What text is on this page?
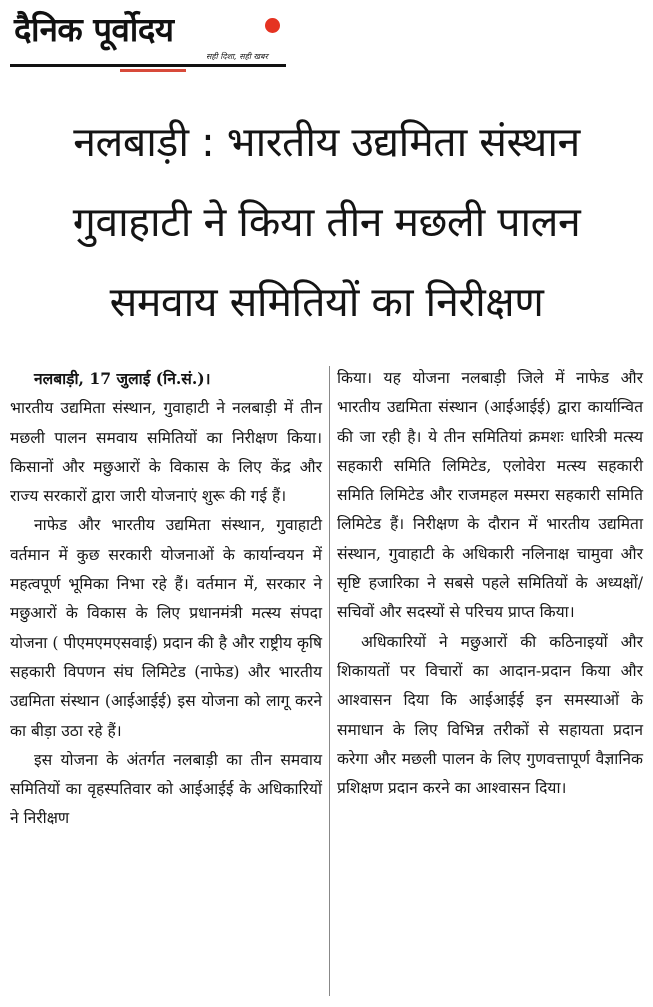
दैनिक पूर्वोदय
सही दिशा, सही खबर
नलबाड़ी : भारतीय उद्यमिता संस्थान
गुवाहाटी ने किया तीन मछली पालन
समवाय समितियों का निरीक्षण

नलबाड़ी, 17 जुलाई (नि.सं.)।

भारतीय उद्यमिता संस्थान, गुवाहाटी ने नलबाड़ी में तीन मछली पालन समवाय समितियों का निरीक्षण किया। किसानों और मछुआरों के विकास के लिए केंद्र और राज्य सरकारों द्वारा जारी योजनाएं शुरू की गई हैं।

नाफेड और भारतीय उद्यमिता संस्थान, गुवाहाटी वर्तमान में कुछ सरकारी योजनाओं के कार्यान्वयन में महत्वपूर्ण भूमिका निभा रहे हैं। वर्तमान में, सरकार ने मछुआरों के विकास के लिए प्रधानमंत्री मत्स्य संपदा योजना ( पीएमएमएसवाई) प्रदान की है और राष्ट्रीय कृषि सहकारी विपणन संघ लिमिटेड (नाफेड) और भारतीय उद्यमिता संस्थान (आईआईई) इस योजना को लागू करने का बीड़ा उठा रहे हैं।

इस योजना के अंतर्गत नलबाड़ी का तीन समवाय समितियों का वृहस्पतिवार को आईआईई के अधिकारियों ने निरीक्षण

किया। यह योजना नलबाड़ी जिले में नाफेड और भारतीय उद्यमिता संस्थान (आईआईई) द्वारा कार्यान्वित की जा रही है। ये तीन समितियां क्रमशः धारित्री मत्स्य सहकारी समिति लिमिटेड, एलोवेरा मत्स्य सहकारी समिति लिमिटेड और राजमहल मस्मरा सहकारी समिति लिमिटेड हैं। निरीक्षण के दौरान में भारतीय उद्यमिता संस्थान, गुवाहाटी के अधिकारी नलिनाक्ष चामुवा और सृष्टि हजारिका ने सबसे पहले समितियों के अध्यक्षों/ सचिवों और सदस्यों से परिचय प्राप्त किया।

अधिकारियों ने मछुआरों की कठिनाइयों और शिकायतों पर विचारों का आदान-प्रदान किया और आश्वासन दिया कि आईआईई इन समस्याओं के समाधान के लिए विभिन्न तरीकों से सहायता प्रदान करेगा और मछली पालन के लिए गुणवत्तापूर्ण वैज्ञानिक प्रशिक्षण प्रदान करने का आश्वासन दिया।
